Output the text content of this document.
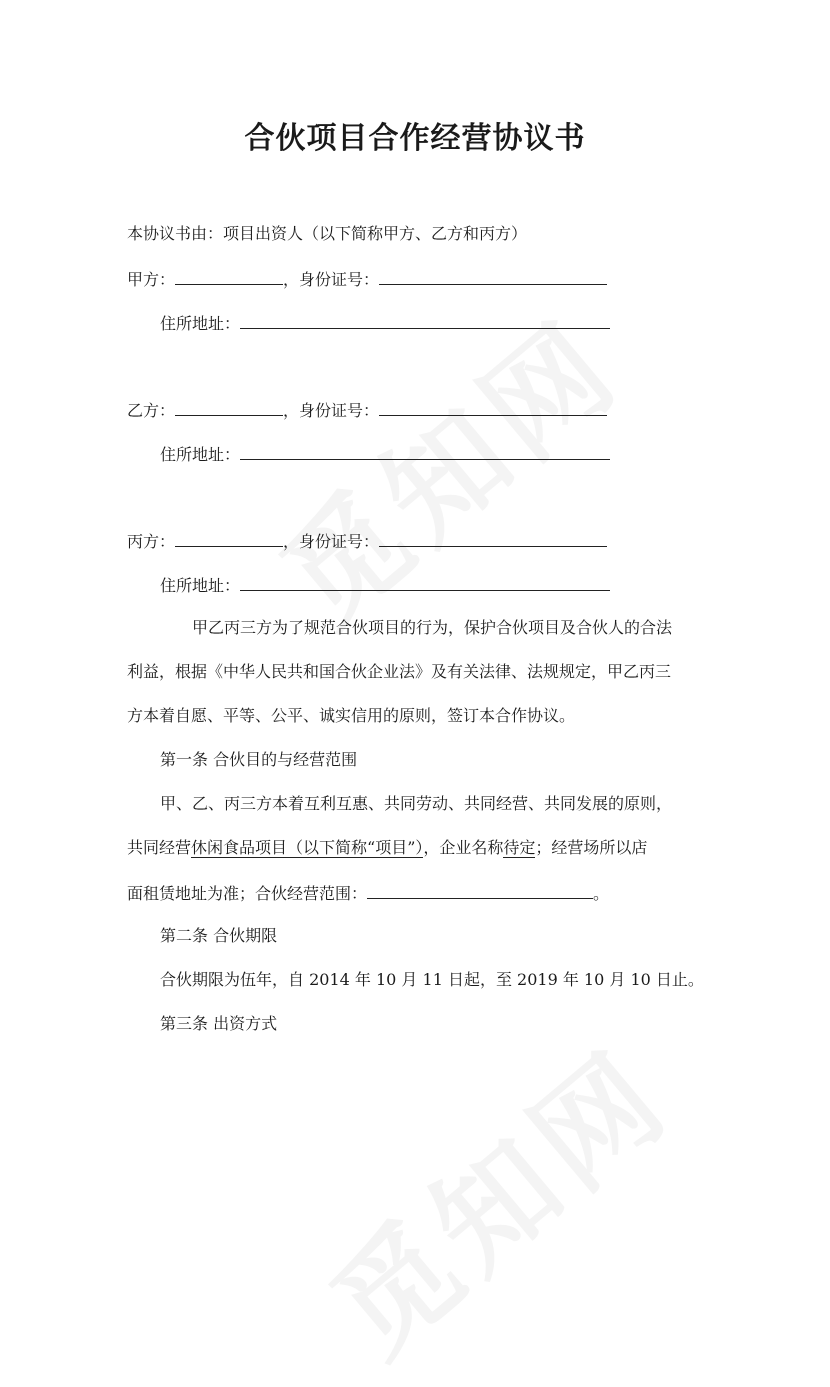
合伙项目合作经营协议书
本协议书由：项目出资人（以下简称甲方、乙方和丙方）
甲方：	，身份证号：
住所地址：
乙方：	，身份证号：
住所地址：
丙方：	，身份证号：
住所地址：
甲乙丙三方为了规范合伙项目的行为，保护合伙项目及合伙人的合法
利益，根据《中华人民共和国合伙企业法》及有关法律、法规规定，甲乙丙三
方本着自愿、平等、公平、诚实信用的原则，签订本合作协议。
第一条 合伙目的与经营范围
甲、乙、丙三方本着互利互惠、共同劳动、共同经营、共同发展的原则，
共同经营休闲食品项目（以下简称“项目”），企业名称待定；经营场所以店
面租赁地址为准；合伙经营范围：	。
第二条 合伙期限
合伙期限为伍年，自 2014 年 10 月 11 日起，至 2019 年 10 月 10 日止。
第三条 出资方式
